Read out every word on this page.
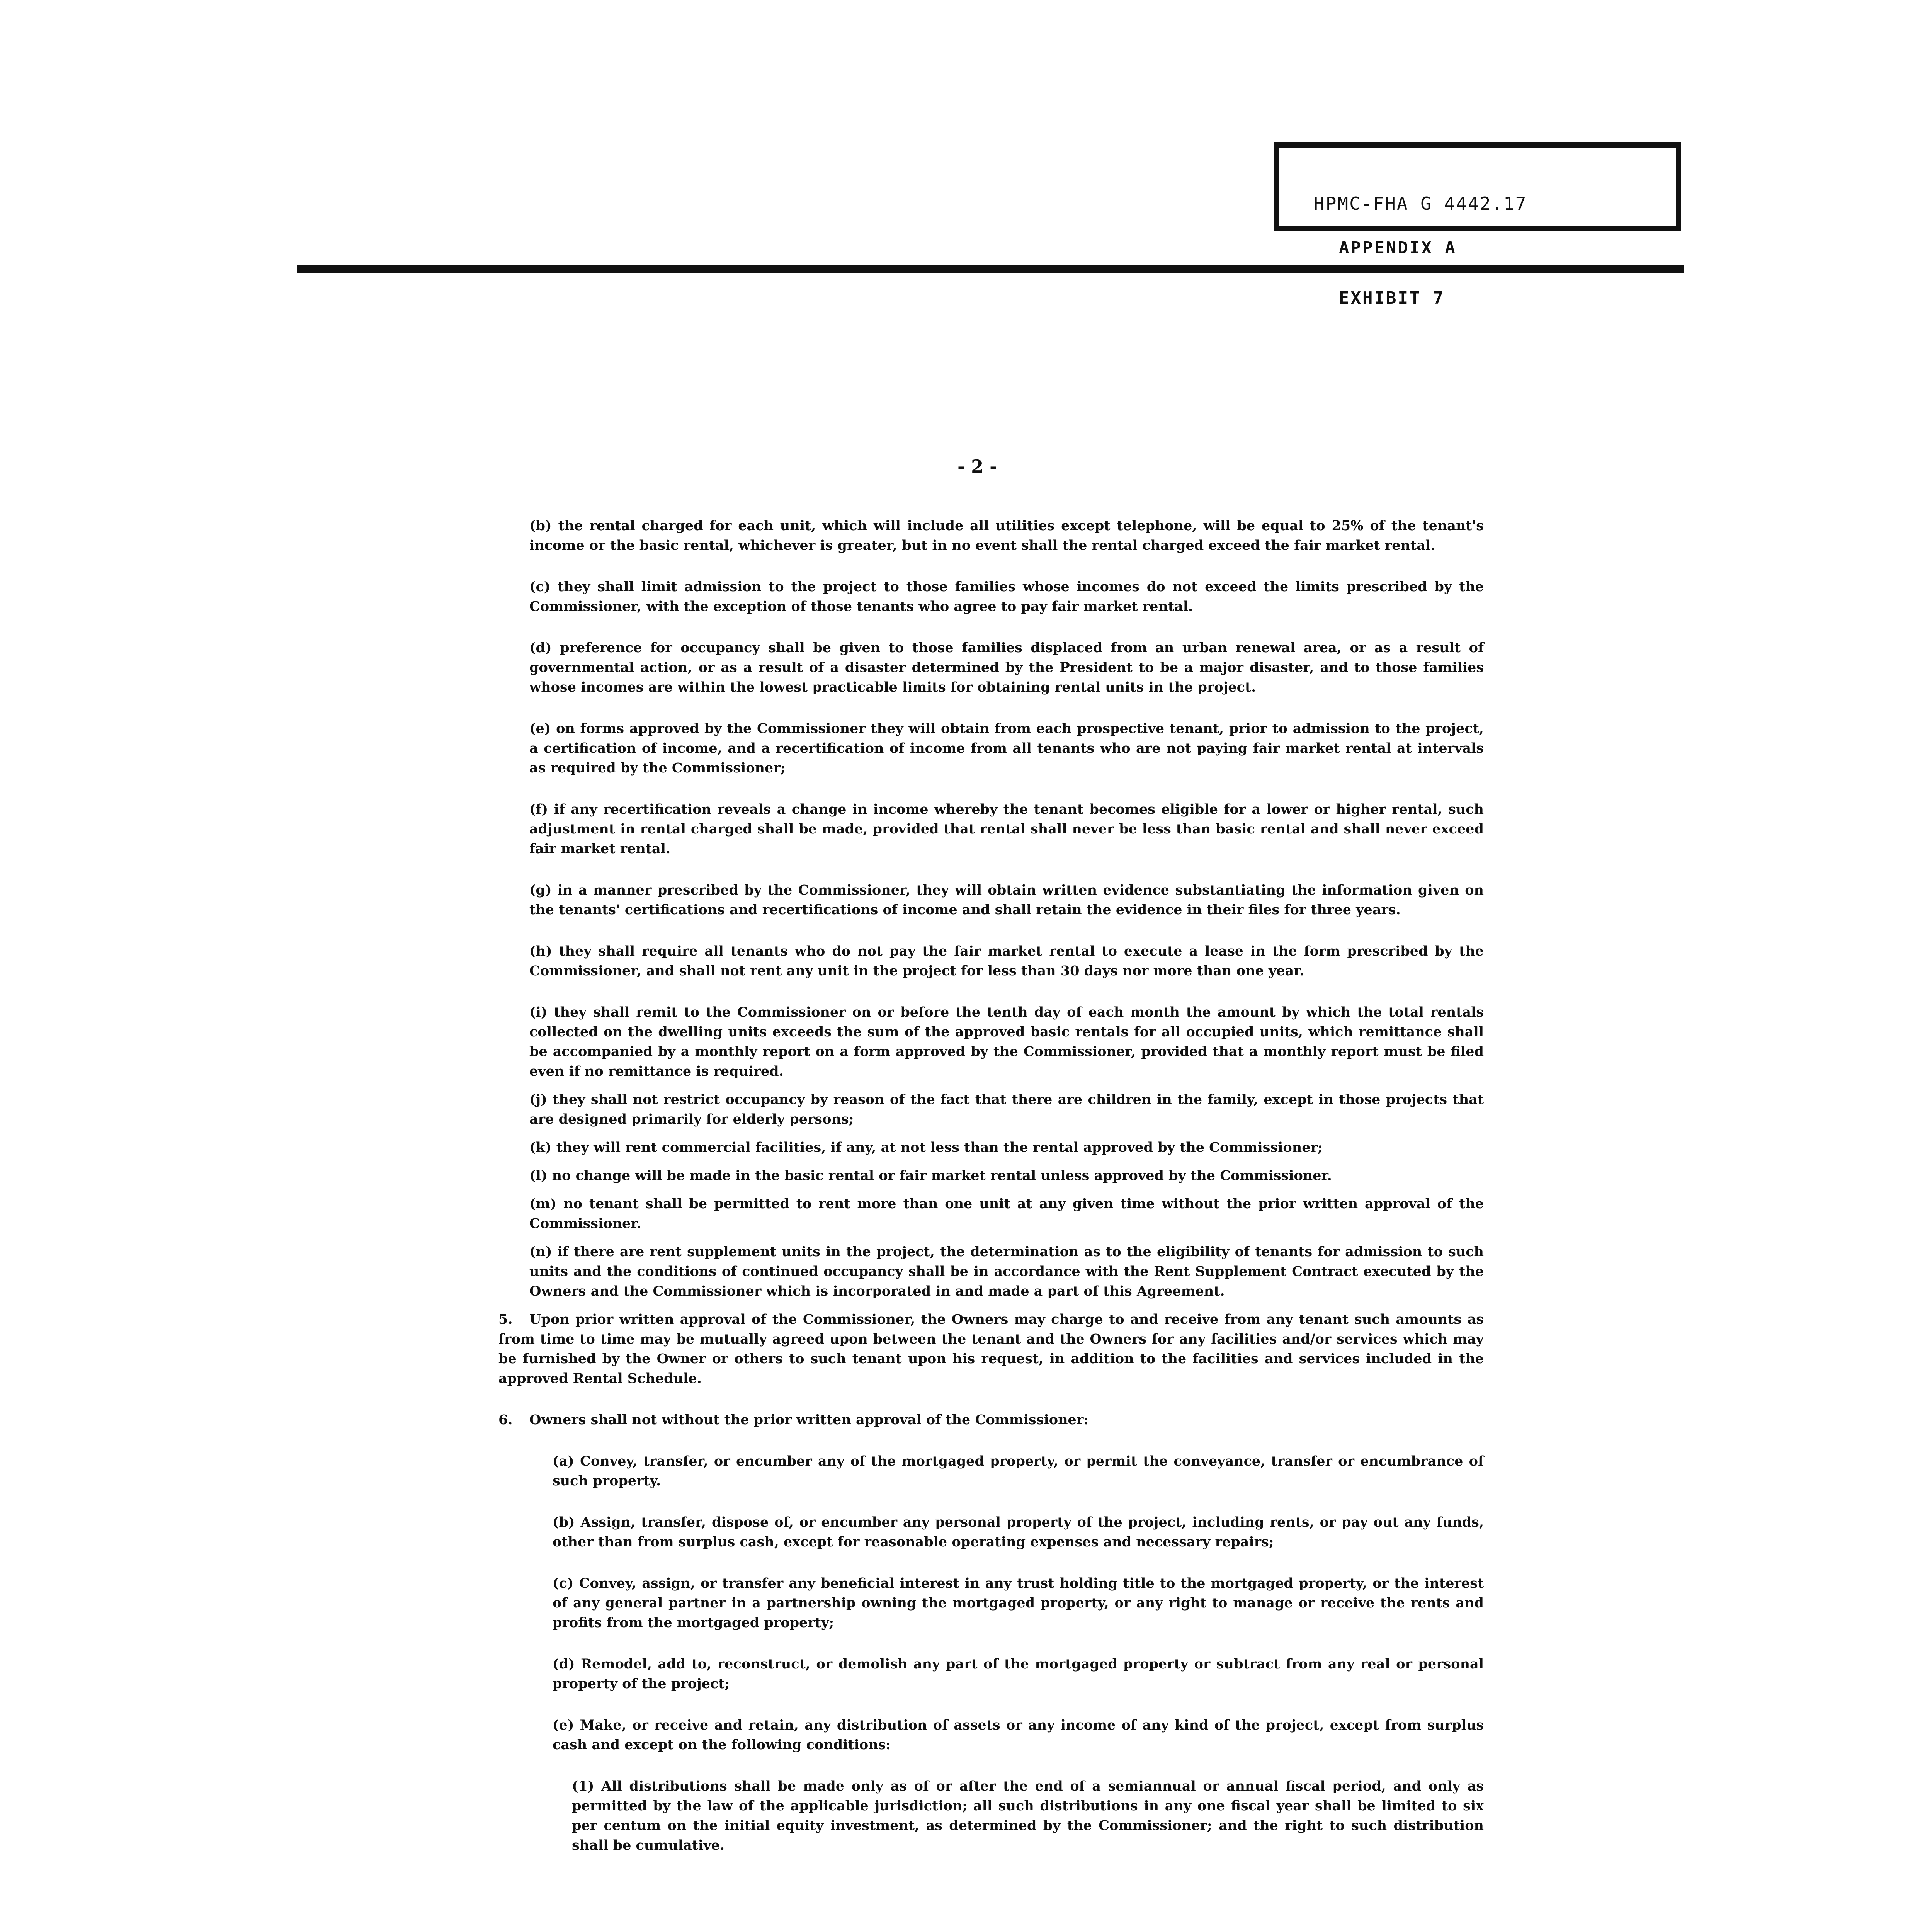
HPMC-FHA G 4442.17
APPENDIX A
EXHIBIT 7
- 2 -

(b) the rental charged for each unit, which will include all utilities except telephone, will be equal to 25% of the tenant's income or the basic rental, whichever is greater, but in no event shall the rental charged exceed the fair market rental.

(c) they shall limit admission to the project to those families whose incomes do not exceed the limits prescribed by the Commissioner, with the exception of those tenants who agree to pay fair market rental.

(d) preference for occupancy shall be given to those families displaced from an urban renewal area, or as a result of governmental action, or as a result of a disaster determined by the President to be a major disaster, and to those families whose incomes are within the lowest practicable limits for obtaining rental units in the project.

(e) on forms approved by the Commissioner they will obtain from each prospective tenant, prior to admission to the project, a certification of income, and a recertification of income from all tenants who are not paying fair market rental at intervals as required by the Commissioner;

(f) if any recertification reveals a change in income whereby the tenant becomes eligible for a lower or higher rental, such adjustment in rental charged shall be made, provided that rental shall never be less than basic rental and shall never exceed fair market rental.

(g) in a manner prescribed by the Commissioner, they will obtain written evidence substantiating the information given on the tenants' certifications and recertifications of income and shall retain the evidence in their files for three years.

(h) they shall require all tenants who do not pay the fair market rental to execute a lease in the form prescribed by the Commissioner, and shall not rent any unit in the project for less than 30 days nor more than one year.

(i) they shall remit to the Commissioner on or before the tenth day of each month the amount by which the total rentals collected on the dwelling units exceeds the sum of the approved basic rentals for all occupied units, which remittance shall be accompanied by a monthly report on a form approved by the Commissioner, provided that a monthly report must be filed even if no remittance is required.

(j) they shall not restrict occupancy by reason of the fact that there are children in the family, except in those projects that are designed primarily for elderly persons;

(k) they will rent commercial facilities, if any, at not less than the rental approved by the Commissioner;

(l) no change will be made in the basic rental or fair market rental unless approved by the Commissioner.

(m) no tenant shall be permitted to rent more than one unit at any given time without the prior written approval of the Commissioner.

(n) if there are rent supplement units in the project, the determination as to the eligibility of tenants for admission to such units and the conditions of continued occupancy shall be in accordance with the Rent Supplement Contract executed by the Owners and the Commissioner which is incorporated in and made a part of this Agreement.

5. Upon prior written approval of the Commissioner, the Owners may charge to and receive from any tenant such amounts as from time to time may be mutually agreed upon between the tenant and the Owners for any facilities and/or services which may be furnished by the Owner or others to such tenant upon his request, in addition to the facilities and services included in the approved Rental Schedule.

6. Owners shall not without the prior written approval of the Commissioner:

(a) Convey, transfer, or encumber any of the mortgaged property, or permit the conveyance, transfer or encumbrance of such property.

(b) Assign, transfer, dispose of, or encumber any personal property of the project, including rents, or pay out any funds, other than from surplus cash, except for reasonable operating expenses and necessary repairs;

(c) Convey, assign, or transfer any beneficial interest in any trust holding title to the mortgaged property, or the interest of any general partner in a partnership owning the mortgaged property, or any right to manage or receive the rents and profits from the mortgaged property;

(d) Remodel, add to, reconstruct, or demolish any part of the mortgaged property or subtract from any real or personal property of the project;

(e) Make, or receive and retain, any distribution of assets or any income of any kind of the project, except from surplus cash and except on the following conditions:

(1) All distributions shall be made only as of or after the end of a semiannual or annual fiscal period, and only as permitted by the law of the applicable jurisdiction; all such distributions in any one fiscal year shall be limited to six per centum on the initial equity investment, as determined by the Commissioner; and the right to such distribution shall be cumulative.
